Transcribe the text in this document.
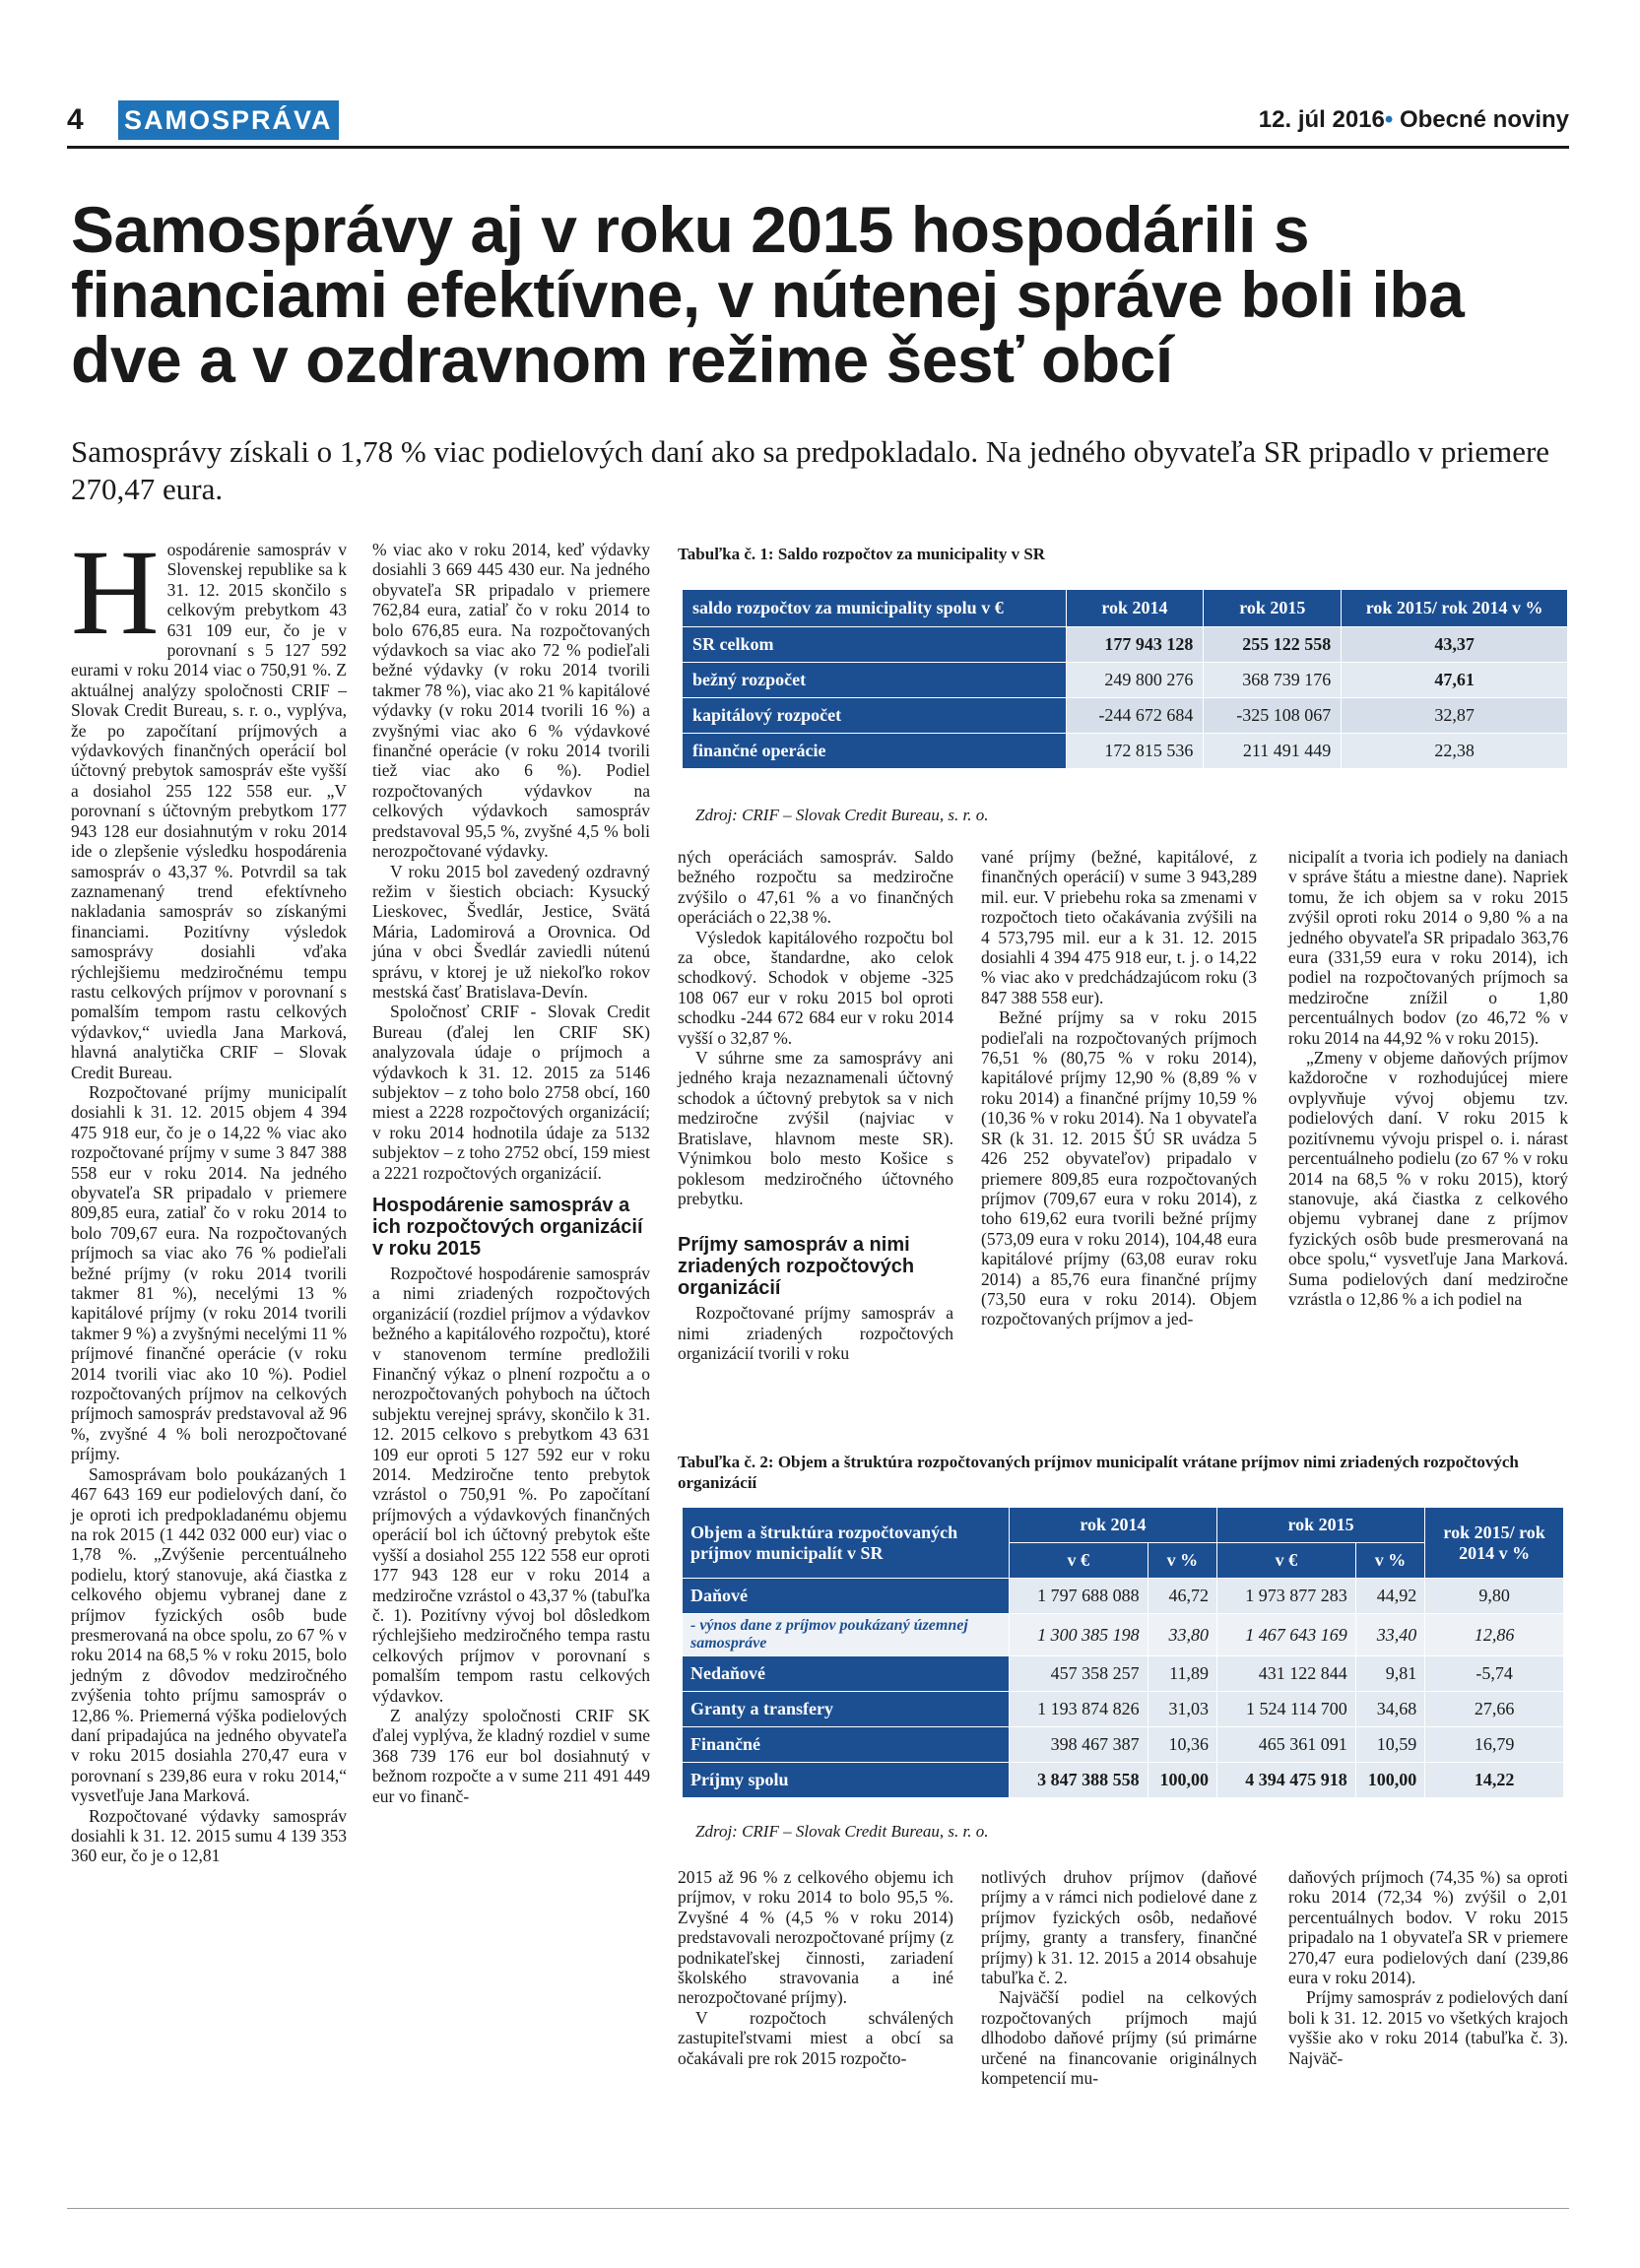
4 SAMOSPRÁVA	12. júl 2016• Obecné noviny
Samosprávy aj v roku 2015 hospodárili s financiami efektívne, v nútenej správe boli iba dve a v ozdravnom režime šesť obcí

Samosprávy získali o 1,78 % viac podielových daní ako sa predpokladalo. Na jedného obyvateľa SR pripadlo v priemere 270,47 eura.

Hospodárenie samospráv v Slovenskej republike sa k 31. 12. 2015 skončilo s celkovým prebytkom 43 631 109 eur, čo je v porovnaní s 5 127 592 eurami v roku 2014 viac o 750,91 %. Z aktuálnej analýzy spoločnosti CRIF – Slovak Credit Bureau, s. r. o., vyplýva, že po započítaní príjmových a výdavkových finančných operácií bol účtovný prebytok samospráv ešte vyšší a dosiahol 255 122 558 eur. „V porovnaní s účtovným prebytkom 177 943 128 eur dosiahnutým v roku 2014 ide o zlepšenie výsledku hospodárenia samospráv o 43,37 %. Potvrdil sa tak zaznamenaný trend efektívneho nakladania samospráv so získanými financiami. Pozitívny výsledok samosprávy dosiahli vďaka rýchlejšiemu medziročnému tempu rastu celkových príjmov v porovnaní s pomalším tempom rastu celkových výdavkov,“ uviedla Jana Marková, hlavná analytička CRIF – Slovak Credit Bureau.

Rozpočtované príjmy municipalít dosiahli k 31. 12. 2015 objem 4 394 475 918 eur, čo je o 14,22 % viac ako rozpočtované príjmy v sume 3 847 388 558 eur v roku 2014. Na jedného obyvateľa SR pripadalo v priemere 809,85 eura, zatiaľ čo v roku 2014 to bolo 709,67 eura. Na rozpočtovaných príjmoch sa viac ako 76 % podieľali bežné príjmy (v roku 2014 tvorili takmer 81 %), necelými 13 % kapitálové príjmy (v roku 2014 tvorili takmer 9 %) a zvyšnými necelými 11 % príjmové finančné operácie (v roku 2014 tvorili viac ako 10 %). Podiel rozpočtovaných príjmov na celkových príjmoch samospráv predstavoval až 96 %, zvyšné 4 % boli nerozpočtované príjmy.

Samosprávam bolo poukázaných 1 467 643 169 eur podielových daní, čo je oproti ich predpokladanému objemu na rok 2015 (1 442 032 000 eur) viac o 1,78 %. „Zvýšenie percentuálneho podielu, ktorý stanovuje, aká čiastka z celkového objemu vybranej dane z príjmov fyzických osôb bude presmerovaná na obce spolu, zo 67 % v roku 2014 na 68,5 % v roku 2015, bolo jedným z dôvodov medziročného zvýšenia tohto príjmu samospráv o 12,86 %. Priemerná výška podielových daní pripadajúca na jedného obyvateľa v roku 2015 dosiahla 270,47 eura v porovnaní s 239,86 eura v roku 2014,“ vysvetľuje Jana Marková.

Rozpočtované výdavky samospráv dosiahli k 31. 12. 2015 sumu 4 139 353 360 eur, čo je o 12,81

% viac ako v roku 2014, keď výdavky dosiahli 3 669 445 430 eur. Na jedného obyvateľa SR pripadalo v priemere 762,84 eura, zatiaľ čo v roku 2014 to bolo 676,85 eura. Na rozpočtovaných výdavkoch sa viac ako 72 % podieľali bežné výdavky (v roku 2014 tvorili takmer 78 %), viac ako 21 % kapitálové výdavky (v roku 2014 tvorili 16 %) a zvyšnými viac ako 6 % výdavkové finančné operácie (v roku 2014 tvorili tiež viac ako 6 %). Podiel rozpočtovaných výdavkov na celkových výdavkoch samospráv predstavoval 95,5 %, zvyšné 4,5 % boli nerozpočtované výdavky.

V roku 2015 bol zavedený ozdravný režim v šiestich obciach: Kysucký Lieskovec, Švedlár, Jestice, Svätá Mária, Ladomirová a Orovnica. Od júna v obci Švedlár zaviedli nútenú správu, v ktorej je už niekoľko rokov mestská časť Bratislava-Devín.

Spoločnosť CRIF - Slovak Credit Bureau (ďalej len CRIF SK) analyzovala údaje o príjmoch a výdavkoch k 31. 12. 2015 za 5146 subjektov – z toho bolo 2758 obcí, 160 miest a 2228 rozpočtových organizácií; v roku 2014 hodnotila údaje za 5132 subjektov – z toho 2752 obcí, 159 miest a 2221 rozpočtových organizácií.

Hospodárenie samospráv a ich rozpočtových organizácií v roku 2015

Rozpočtové hospodárenie samospráv a nimi zriadených rozpočtových organizácií (rozdiel príjmov a výdavkov bežného a kapitálového rozpočtu), ktoré v stanovenom termíne predložili Finančný výkaz o plnení rozpočtu a o nerozpočtovaných pohyboch na účtoch subjektu verejnej správy, skončilo k 31. 12. 2015 celkovo s prebytkom 43 631 109 eur oproti 5 127 592 eur v roku 2014. Medziročne tento prebytok vzrástol o 750,91 %. Po započítaní príjmových a výdavkových finančných operácií bol ich účtovný prebytok ešte vyšší a dosiahol 255 122 558 eur oproti 177 943 128 eur v roku 2014 a medziročne vzrástol o 43,37 % (tabuľka č. 1). Pozitívny vývoj bol dôsledkom rýchlejšieho medziročného tempa rastu celkových príjmov v porovnaní s pomalším tempom rastu celkových výdavkov.

Z analýzy spoločnosti CRIF SK ďalej vyplýva, že kladný rozdiel v sume 368 739 176 eur bol dosiahnutý v bežnom rozpočte a v sume 211 491 449 eur vo finanč-

Tabuľka č. 1: Saldo rozpočtov za municipality v SR
saldo rozpočtov za municipality spolu v €	rok 2014	rok 2015	rok 2015/ rok 2014 v %
SR celkom	177 943 128	255 122 558	43,37
bežný rozpočet	249 800 276	368 739 176	47,61
kapitálový rozpočet	-244 672 684	-325 108 067	32,87
finančné operácie	172 815 536	211 491 449	22,38
Zdroj: CRIF – Slovak Credit Bureau, s. r. o.

ných operáciách samospráv. Saldo bežného rozpočtu sa medziročne zvýšilo o 47,61 % a vo finančných operáciách o 22,38 %.

Výsledok kapitálového rozpočtu bol za obce, štandardne, ako celok schodkový. Schodok v objeme -325 108 067 eur v roku 2015 bol oproti schodku -244 672 684 eur v roku 2014 vyšší o 32,87 %.

V súhrne sme za samosprávy ani jedného kraja nezaznamenali účtovný schodok a účtovný prebytok sa v nich medziročne zvýšil (najviac v Bratislave, hlavnom meste SR). Výnimkou bolo mesto Košice s poklesom medziročného účtovného prebytku.

Príjmy samospráv a nimi zriadených rozpočtových organizácií

Rozpočtované príjmy samospráv a nimi zriadených rozpočtových organizácií tvorili v roku

vané príjmy (bežné, kapitálové, z finančných operácií) v sume 3 943,289 mil. eur. V priebehu roka sa zmenami v rozpočtoch tieto očakávania zvýšili na 4 573,795 mil. eur a k 31. 12. 2015 dosiahli 4 394 475 918 eur, t. j. o 14,22 % viac ako v predchádzajúcom roku (3 847 388 558 eur).

Bežné príjmy sa v roku 2015 podieľali na rozpočtovaných príjmoch 76,51 % (80,75 % v roku 2014), kapitálové príjmy 12,90 % (8,89 % v roku 2014) a finančné príjmy 10,59 % (10,36 % v roku 2014). Na 1 obyvateľa SR (k 31. 12. 2015 ŠÚ SR uvádza 5 426 252 obyvateľov) pripadalo v priemere 809,85 eura rozpočtovaných príjmov (709,67 eura v roku 2014), z toho 619,62 eura tvorili bežné príjmy (573,09 eura v roku 2014), 104,48 eura kapitálové príjmy (63,08 eurav roku 2014) a 85,76 eura finančné príjmy (73,50 eura v roku 2014). Objem rozpočtovaných príjmov a jed-

nicipalít a tvoria ich podiely na daniach v správe štátu a miestne dane). Napriek tomu, že ich objem sa v roku 2015 zvýšil oproti roku 2014 o 9,80 % a na jedného obyvateľa SR pripadalo 363,76 eura (331,59 eura v roku 2014), ich podiel na rozpočtovaných príjmoch sa medziročne znížil o 1,80 percentuálnych bodov (zo 46,72 % v roku 2014 na 44,92 % v roku 2015).

„Zmeny v objeme daňových príjmov každoročne v rozhodujúcej miere ovplyvňuje vývoj objemu tzv. podielových daní. V roku 2015 k pozitívnemu vývoju prispel o. i. nárast percentuálneho podielu (zo 67 % v roku 2014 na 68,5 % v roku 2015), ktorý stanovuje, aká čiastka z celkového objemu vybranej dane z príjmov fyzických osôb bude presmerovaná na obce spolu,“ vysvetľuje Jana Marková. Suma podielových daní medziročne vzrástla o 12,86 % a ich podiel na

Tabuľka č. 2: Objem a štruktúra rozpočtovaných príjmov municipalít vrátane príjmov nimi zriadených rozpočtových organizácií
Objem a štruktúra rozpočtovaných príjmov municipalít v SR	rok 2014		rok 2015		rok 2015/ rok 2014 v %
	v €	v %	v €	v %	
Daňové	1 797 688 088	46,72	1 973 877 283	44,92	9,80
- výnos dane z príjmov poukázaný územnej samospráve	1 300 385 198	33,80	1 467 643 169	33,40	12,86
Nedaňové	457 358 257	11,89	431 122 844	9,81	-5,74
Granty a transfery	1 193 874 826	31,03	1 524 114 700	34,68	27,66
Finančné	398 467 387	10,36	465 361 091	10,59	16,79
Príjmy spolu	3 847 388 558	100,00	4 394 475 918	100,00	14,22
Zdroj: CRIF – Slovak Credit Bureau, s. r. o.

2015 až 96 % z celkového objemu ich príjmov, v roku 2014 to bolo 95,5 %. Zvyšné 4 % (4,5 % v roku 2014) predstavovali nerozpočtované príjmy (z podnikateľskej činnosti, zariadení školského stravovania a iné nerozpočtované príjmy).

V rozpočtoch schválených zastupiteľstvami miest a obcí sa očakávali pre rok 2015 rozpočto-

notlivých druhov príjmov (daňové príjmy a v rámci nich podielové dane z príjmov fyzických osôb, nedaňové príjmy, granty a transfery, finančné príjmy) k 31. 12. 2015 a 2014 obsahuje tabuľka č. 2.

Najväčší podiel na celkových rozpočtovaných príjmoch majú dlhodobo daňové príjmy (sú primárne určené na financovanie originálnych kompetencií mu-

daňových príjmoch (74,35 %) sa oproti roku 2014 (72,34 %) zvýšil o 2,01 percentuálnych bodov. V roku 2015 pripadalo na 1 obyvateľa SR v priemere 270,47 eura podielových daní (239,86 eura v roku 2014).

Príjmy samospráv z podielových daní boli k 31. 12. 2015 vo všetkých krajoch vyššie ako v roku 2014 (tabuľka č. 3). Najväč-
